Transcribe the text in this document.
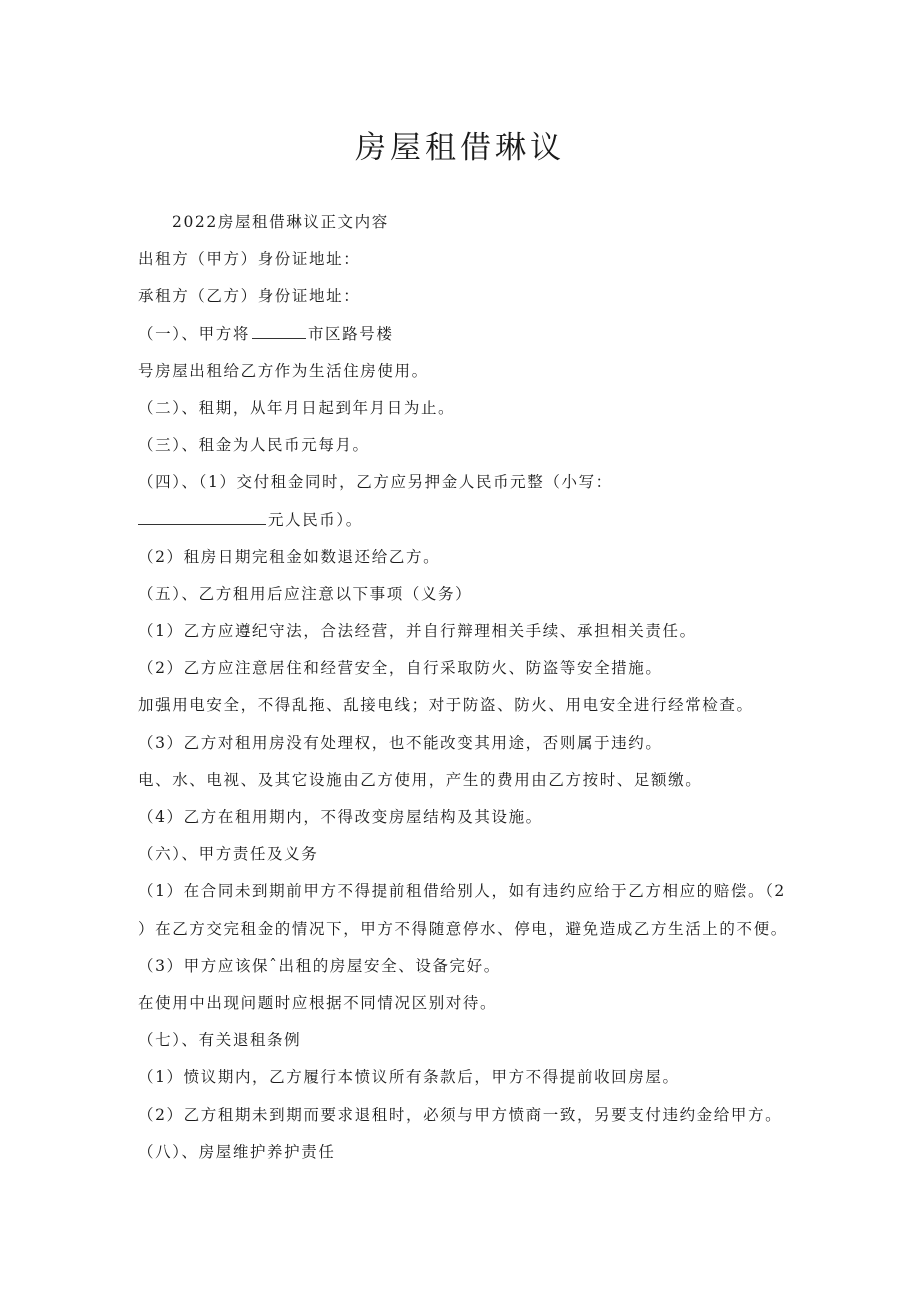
房屋租借琳议
2022房屋租借琳议正文内容
出租方（甲方）身份证地址：
承租方（乙方）身份证地址：
（一）、甲方将	市区路号楼
号房屋出租给乙方作为生活住房使用。
（二）、租期，从年月日起到年月日为止。
（三）、租金为人民币元每月。
（四）、（1）交付租金同时，乙方应另押金人民币元整（小写：
元人民币）。
（2）租房日期完租金如数退还给乙方。
（五）、乙方租用后应注意以下事项（义务）
（1）乙方应遵纪守法，合法经营，并自行辩理相关手续、承担相关责任。
（2）乙方应注意居住和经营安全，自行采取防火、防盗等安全措施。
加强用电安全，不得乱拖、乱接电线；对于防盗、防火、用电安全进行经常检查。
（3）乙方对租用房没有处理权，也不能改变其用途，否则属于违约。
电、水、电视、及其它设施由乙方使用，产生的费用由乙方按时、足额缴。
（4）乙方在租用期内，不得改变房屋结构及其设施。
（六）、甲方责任及义务
（1）在合同未到期前甲方不得提前租借给别人，如有违约应给于乙方相应的赔偿。（2
）在乙方交完租金的情况下，甲方不得随意停水、停电，避免造成乙方生活上的不便。
（3）甲方应该保ˆ出租的房屋安全、设备完好。
在使用中出现问题时应根据不同情况区别对待。
（七）、有关退租条例
（1）愤议期内，乙方履行本愤议所有条款后，甲方不得提前收回房屋。
（2）乙方租期未到期而要求退租时，必须与甲方愤商一致，另要支付违约金给甲方。
（八）、房屋维护养护责任
